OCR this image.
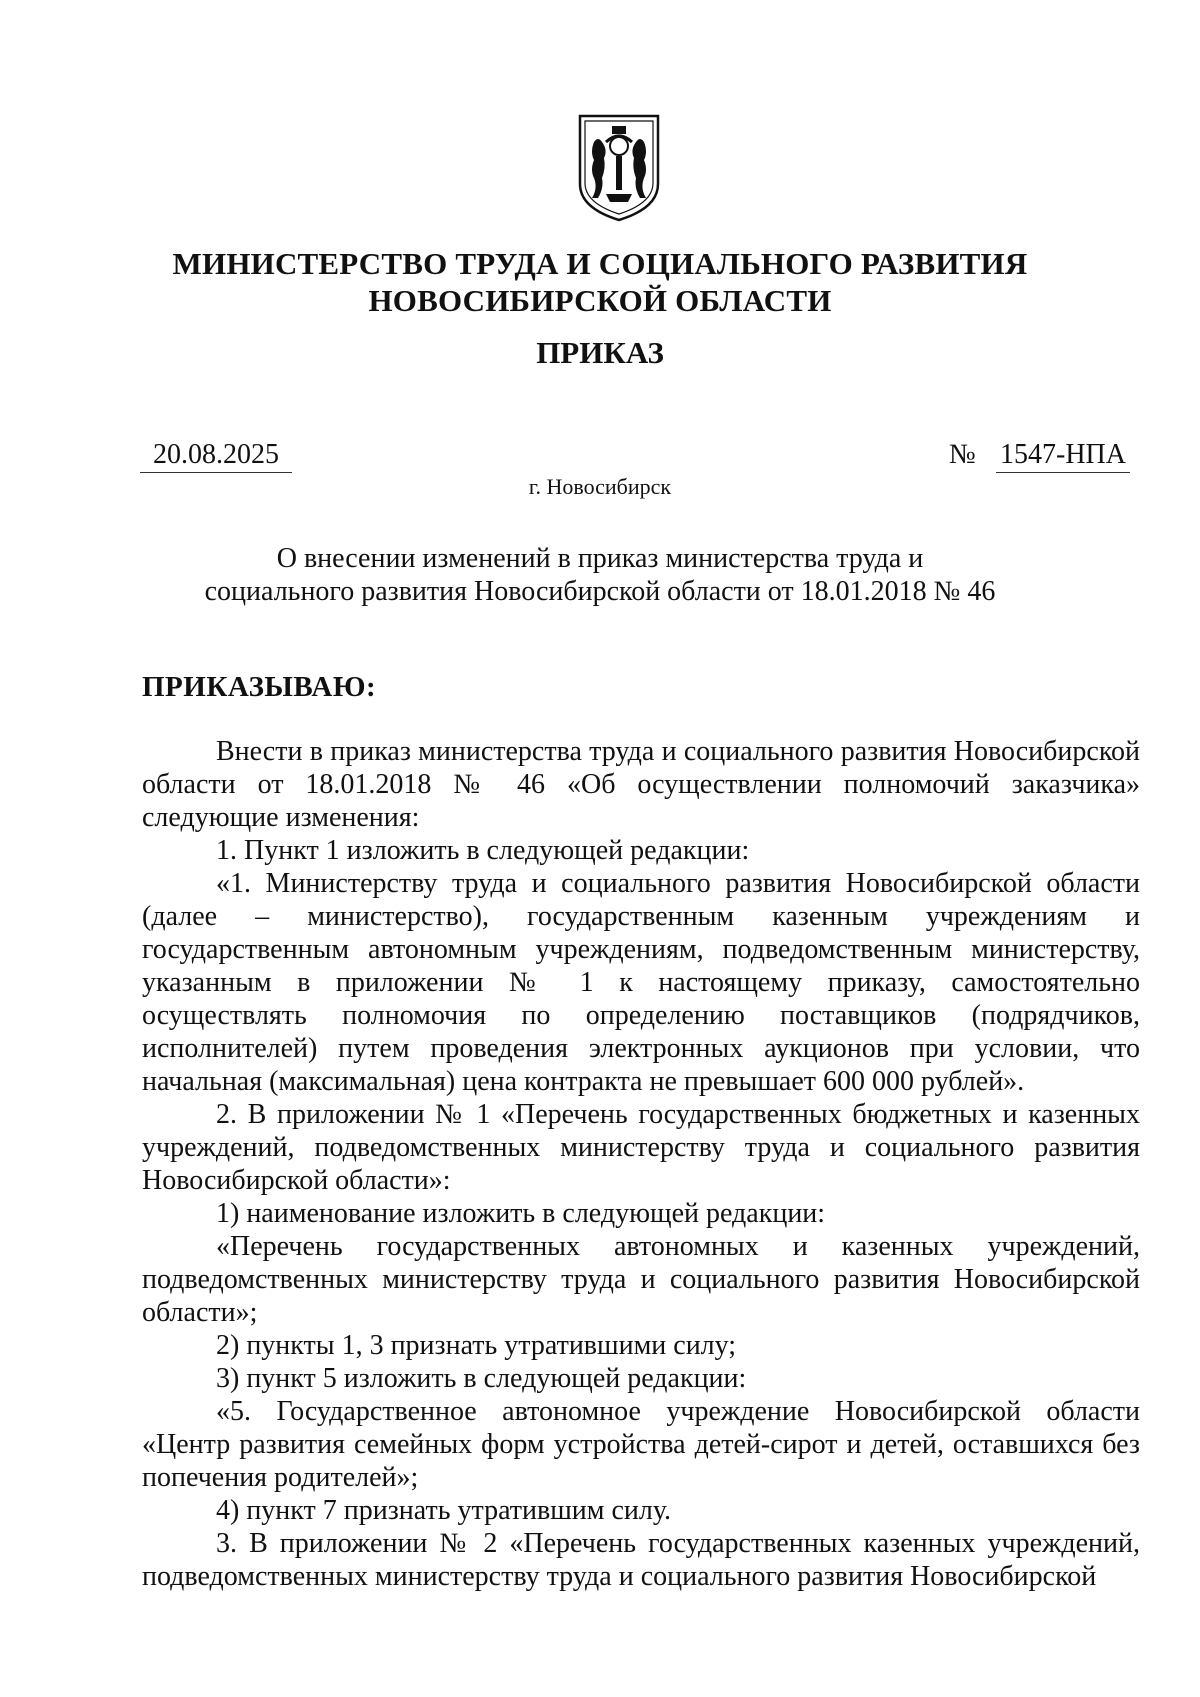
МИНИСТЕРСТВО ТРУДА И СОЦИАЛЬНОГО РАЗВИТИЯ
НОВОСИБИРСКОЙ ОБЛАСТИ
ПРИКАЗ
20.08.2025	№ 1547-НПА
г. Новосибирск
О внесении изменений в приказ министерства труда и
социального развития Новосибирской области от 18.01.2018 № 46
ПРИКАЗЫВАЮ:

Внести в приказ министерства труда и социального развития Новосибирской области от 18.01.2018 № 46 «Об осуществлении полномочий заказчика» следующие изменения:

1. Пункт 1 изложить в следующей редакции:

«1. Министерству труда и социального развития Новосибирской области (далее – министерство), государственным казенным учреждениям и государственным автономным учреждениям, подведомственным министерству, указанным в приложении № 1 к настоящему приказу, самостоятельно осуществлять полномочия по определению поставщиков (подрядчиков, исполнителей) путем проведения электронных аукционов при условии, что начальная (максимальная) цена контракта не превышает 600 000 рублей».

2. В приложении № 1 «Перечень государственных бюджетных и казенных учреждений, подведомственных министерству труда и социального развития Новосибирской области»:

1) наименование изложить в следующей редакции:

«Перечень государственных автономных и казенных учреждений, подведомственных министерству труда и социального развития Новосибирской области»;

2) пункты 1, 3 признать утратившими силу;

3) пункт 5 изложить в следующей редакции:

«5. Государственное автономное учреждение Новосибирской области «Центр развития семейных форм устройства детей-сирот и детей, оставшихся без попечения родителей»;

4) пункт 7 признать утратившим силу.

3. В приложении № 2 «Перечень государственных казенных учреждений, подведомственных министерству труда и социального развития Новосибирской
